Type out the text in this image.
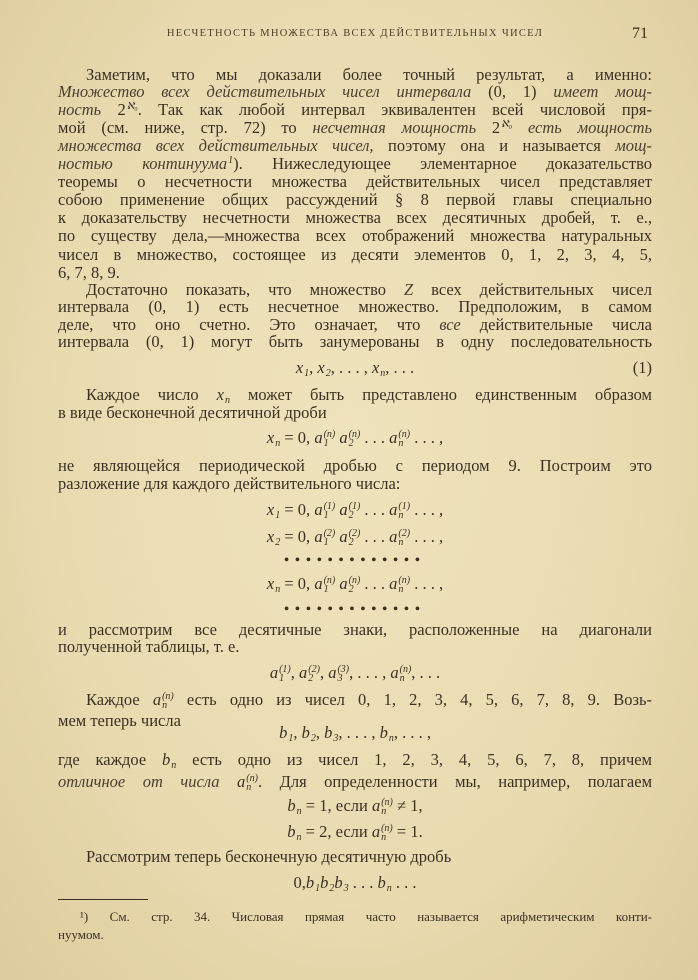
НЕСЧЕТНОСТЬ МНОЖЕСТВА ВСЕХ ДЕЙСТВИТЕЛЬНЫХ ЧИСЕЛ	71
Заметим, что мы доказали более точный результат, а именно:
Множество всех действительных чисел интервала (0, 1) имеет мощ-
ность 2 ℵ₀ . Так как любой интервал эквивалентен всей числовой пря-
мой (см. ниже, стр. 72) то несчетная мощность 2 ℵ₀ есть мощность
множества всех действительных чисел, поэтому она и называется мощ-
ностью континуума 1 ). Нижеследующее элементарное доказательство
теоремы о несчетности множества действительных чисел представляет
собою применение общих рассуждений § 8 первой главы специально
к доказательству несчетности множества всех десятичных дробей, т. е.,
по существу дела,—множества всех отображений множества натуральных
чисел в множество, состоящее из десяти элементов 0, 1, 2, 3, 4, 5,
6, 7, 8, 9.
Достаточно показать, что множество Z всех действительных чисел
интервала (0, 1) есть несчетное множество. Предположим, в самом
деле, что оно счетно. Это означает, что все действительные числа
интервала (0, 1) могут быть занумерованы в одну последовательность
x 1 , x 2 , . . . , x n , . . .	(1)
Каждое число x n может быть представлено единственным образом
в виде бесконечной десятичной дроби
x n = 0, a (n)
1 a (n)
2 . . . a (n)
n . . . ,
не являющейся периодической дробью с периодом 9. Построим это
разложение для каждого действительного числа:
x 1 = 0, a (1)
1 a (1)
2 . . . a (1)
n . . . ,
x 2 = 0, a (2)
1 a (2)
2 . . . a (2)
n . . . ,
•••••••••••••
x n = 0, a (n)
1 a (n)
2 . . . a (n)
n . . . ,
•••••••••••••
и рассмотрим все десятичные знаки, расположенные на диагонали
полученной таблицы, т. е.
a (1)
1 , a (2)
2 , a (3)
3 , . . . , a (n)
n , . . .
Каждое a (n)
n есть одно из чисел 0, 1, 2, 3, 4, 5, 6, 7, 8, 9. Возь-
мем теперь числа
b 1 , b 2 , b 3 , . . . , b n , . . . ,
где каждое b n есть одно из чисел 1, 2, 3, 4, 5, 6, 7, 8, причем
отличное от числа a (n)
n . Для определенности мы, например, полагаем
b n = 1, если a (n)
n ≠ 1,
b n = 2, если a (n)
n = 1.
Рассмотрим теперь бесконечную десятичную дробь
0,b 1 b 2 b 3 . . . b n . . .
¹) См. стр. 34. Числовая прямая часто называется арифметическим конти-
нуумом.
